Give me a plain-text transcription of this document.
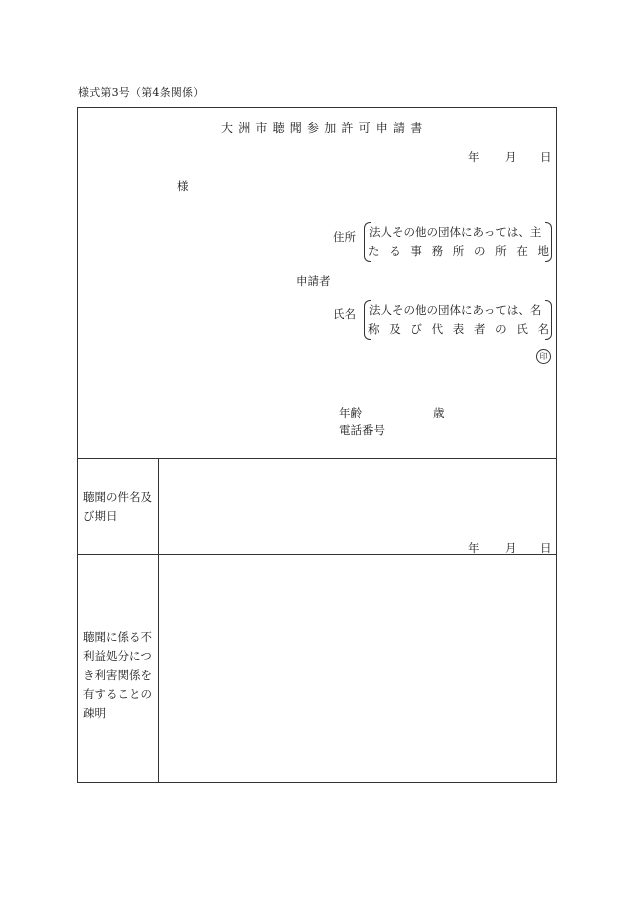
様式第3号（第4条関係）
大洲市聴聞参加許可申請書
年 月 日
様
住所 法人その他の団体にあっては、主
た る 事 務 所 の 所 在 地
申請者
氏名 法人その他の団体にあっては、名
称 及 び 代 表 者 の 氏 名
印
年齢	歳
電話番号
聴聞の件名及
び期日
年 月 日
聴聞に係る不
利益処分につ
き利害関係を
有することの
疎明
